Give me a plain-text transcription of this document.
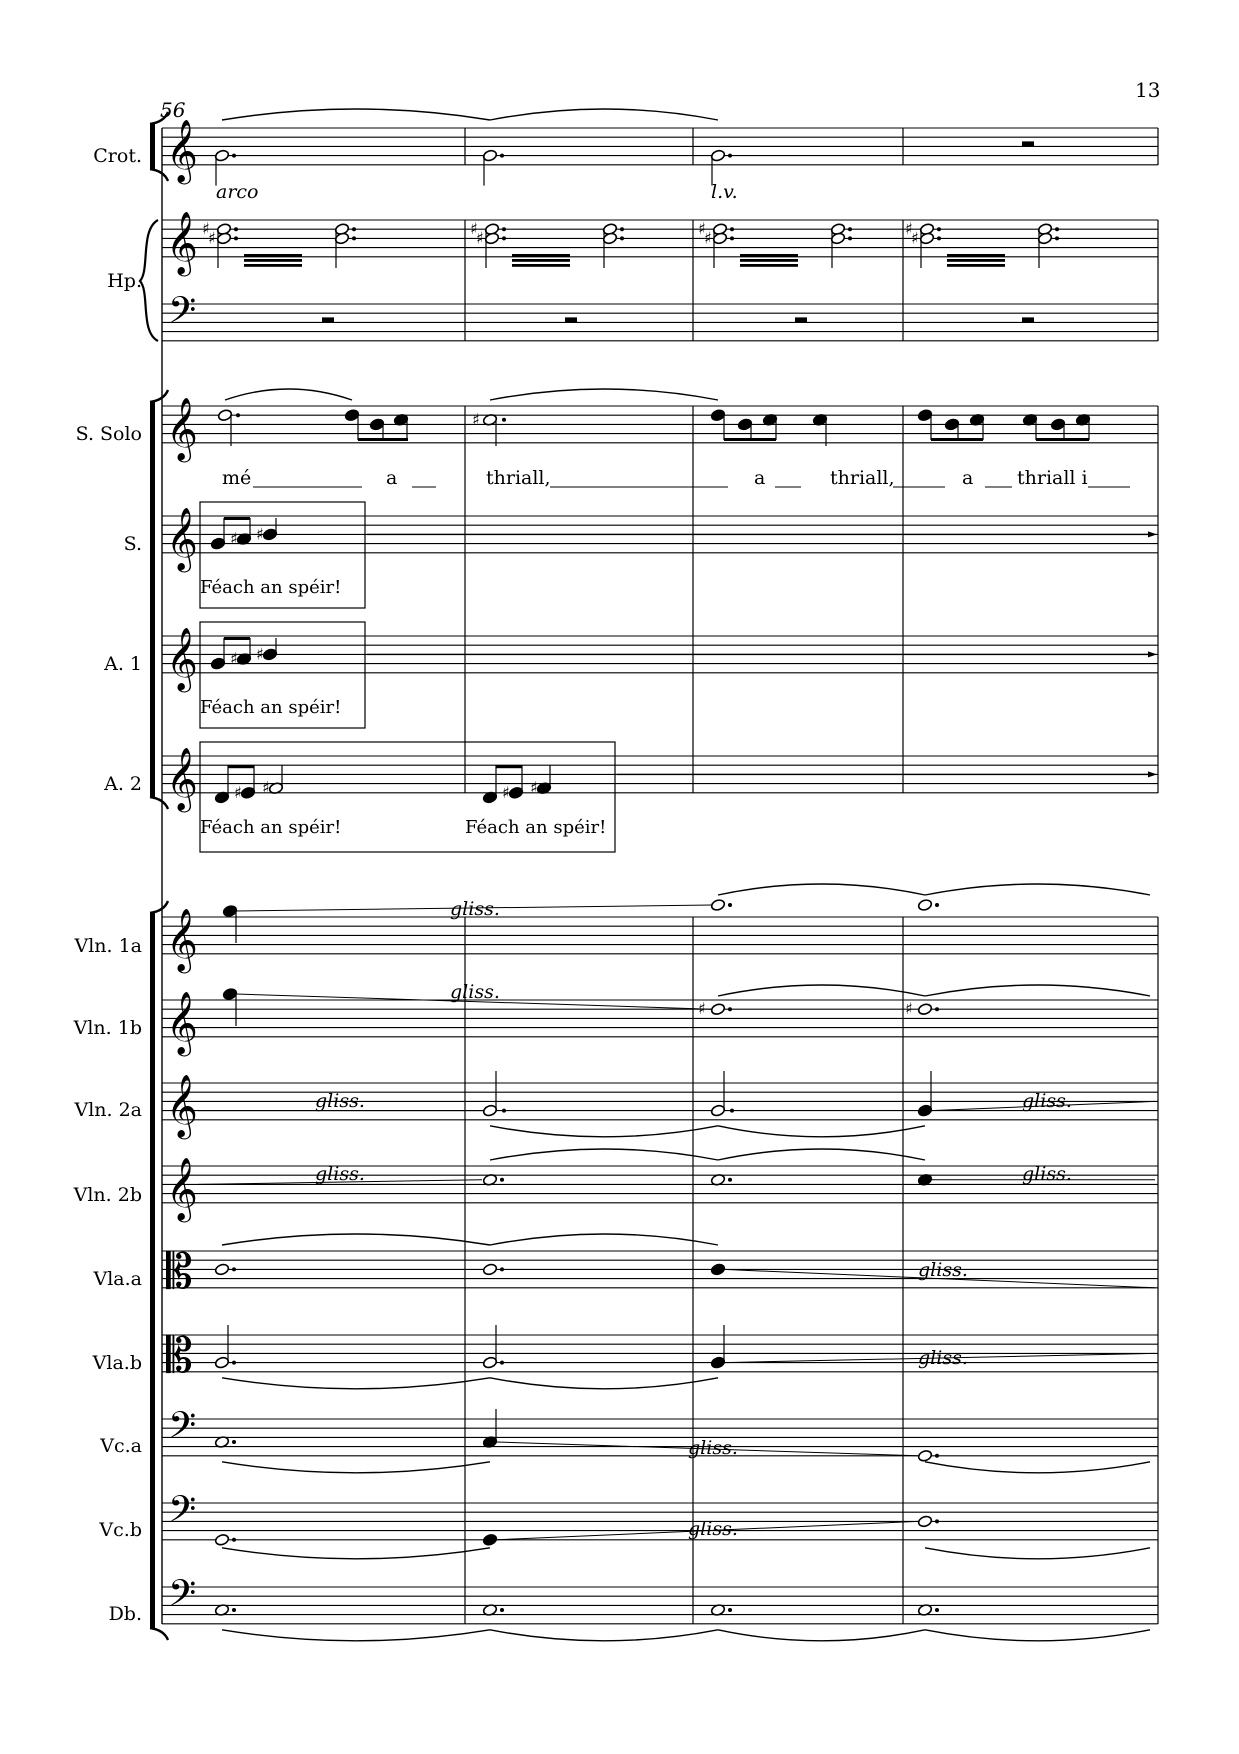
𝄞
𝄞
𝄞
𝄞
𝄞
𝄞
𝄞
𝄞
𝄞
𝄞
𝄢
𝄢
𝄢
𝄢
𝄡
𝄡
♯
♯	♯
♯	♯
♯	♯
♯
♯
♯ ♯
♯ ♯
♯ ♯	♯ ♯
♯	♯
13
56
Crot.
Hp.
S. Solo
S.
A. 1
A. 2
Vln. 1a
Vln. 1b
Vln. 2a
Vln. 2b
Vla.a
Vla.b
Vc.a
Vc.b
Db.
arco	l.v.
gliss.
gliss.
gliss.	gliss.
gliss.	gliss.
gliss.
gliss.
gliss.
gliss.
mé	a	thriall,	a	thriall,	a thriall i
Féach an spéir!
Féach an spéir!
Féach an spéir!	Féach an spéir!
